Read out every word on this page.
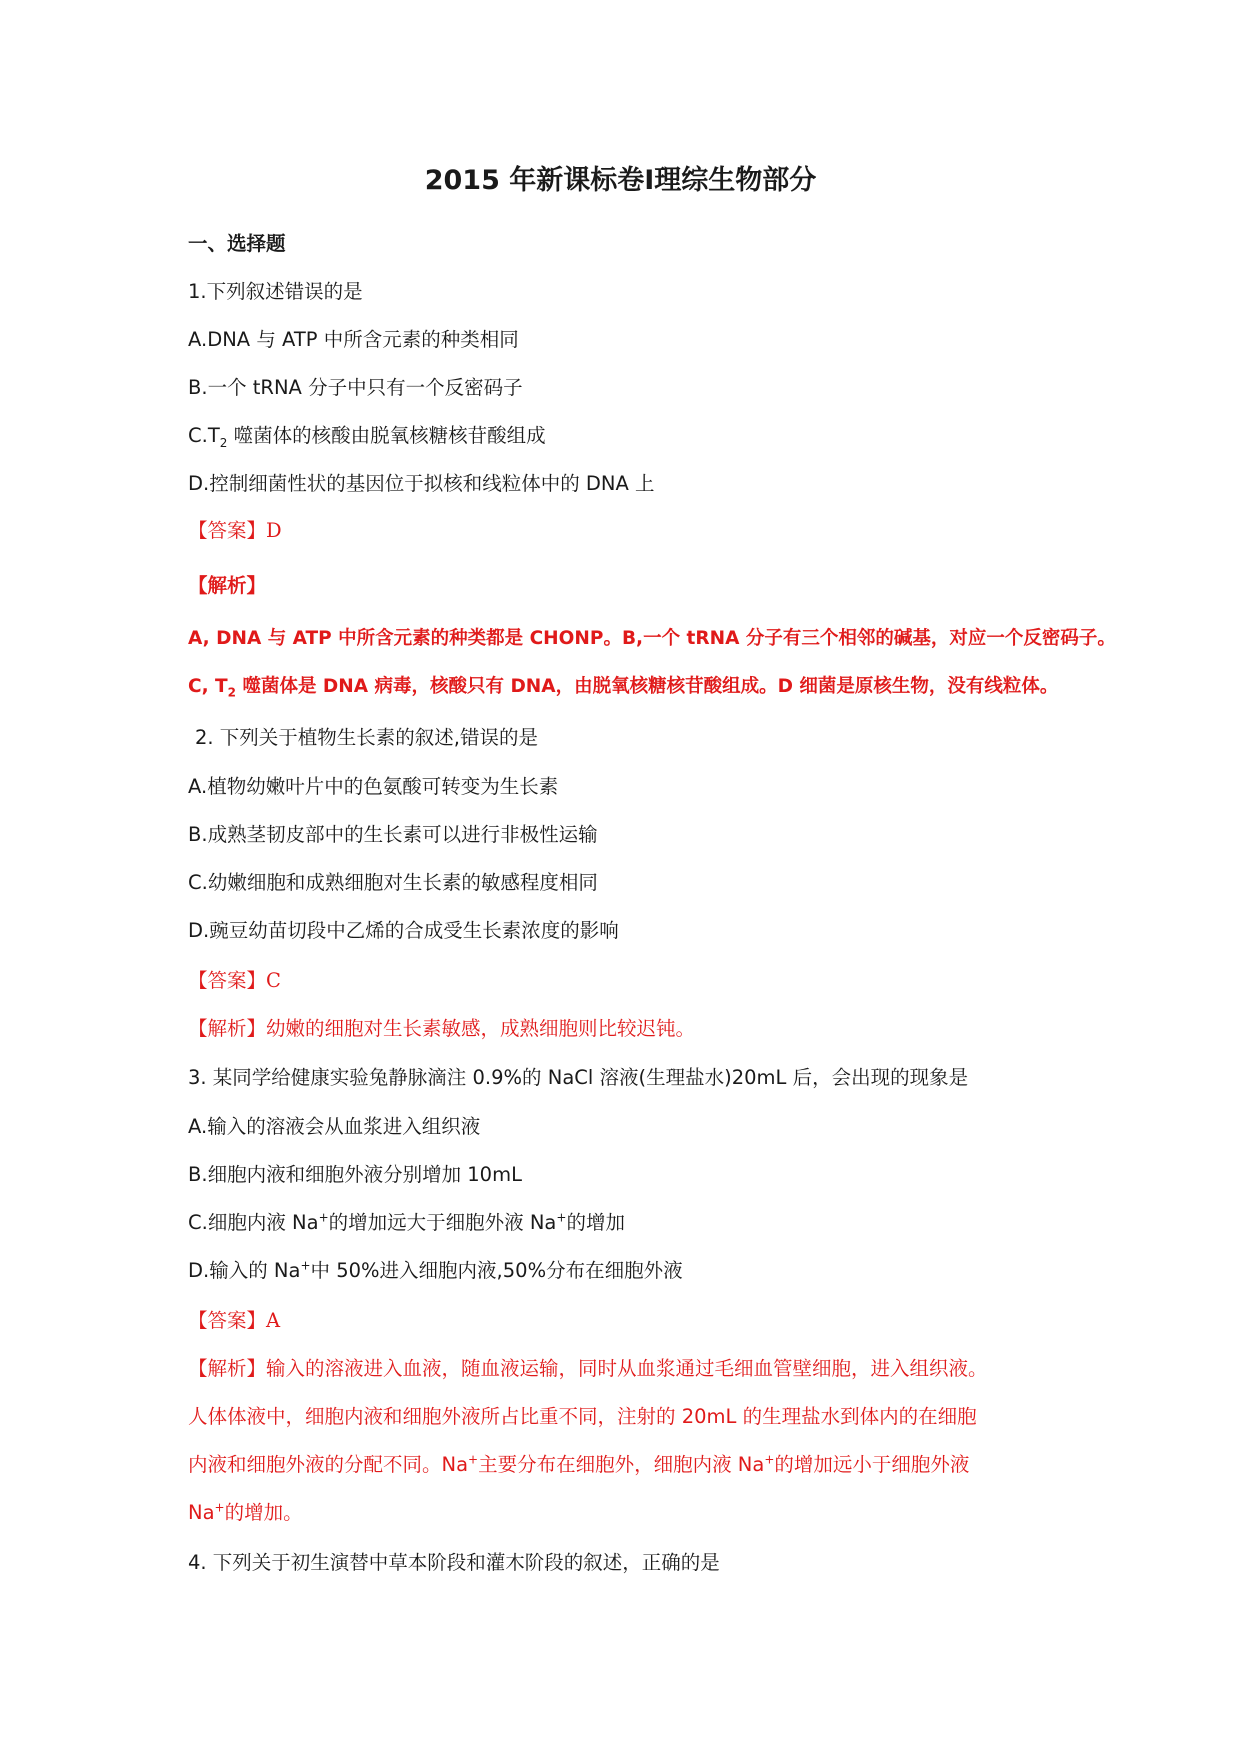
2015 年新课标卷Ⅰ理综生物部分
一、选择题
1.下列叙述错误的是
A.DNA 与 ATP 中所含元素的种类相同
B.一个 tRNA 分子中只有一个反密码子
$C.T_2$ 噬菌体的核酸由脱氧核糖核苷酸组成
D.控制细菌性状的基因位于拟核和线粒体中的 DNA 上
【答案】D
【解析】
A, DNA 与 ATP 中所含元素的种类都是 CHONP。B,一个 tRNA 分子有三个相邻的碱基，对应一个反密码子。
C, $T_2$ 噬菌体是 DNA 病毒，核酸只有 DNA，由脱氧核糖核苷酸组成。D 细菌是原核生物，没有线粒体。
2. 下列关于植物生长素的叙述,错误的是
A.植物幼嫩叶片中的色氨酸可转变为生长素
B.成熟茎韧皮部中的生长素可以进行非极性运输
C.幼嫩细胞和成熟细胞对生长素的敏感程度相同
D.豌豆幼苗切段中乙烯的合成受生长素浓度的影响
【答案】C
【解析】幼嫩的细胞对生长素敏感，成熟细胞则比较迟钝。
3. 某同学给健康实验兔静脉滴注 0.9%的 NaCl 溶液(生理盐水)20mL 后，会出现的现象是
A.输入的溶液会从血浆进入组织液
B.细胞内液和细胞外液分别增加 10mL
C.细胞内液 Na+的增加远大于细胞外液 Na+的增加
D.输入的 Na+中 50%进入细胞内液,50%分布在细胞外液
【答案】A
【解析】输入的溶液进入血液，随血液运输，同时从血浆通过毛细血管壁细胞，进入组织液。
人体体液中，细胞内液和细胞外液所占比重不同，注射的 20mL 的生理盐水到体内的在细胞
内液和细胞外液的分配不同。Na+主要分布在细胞外，细胞内液 Na+的增加远小于细胞外液
Na+的增加。
4. 下列关于初生演替中草本阶段和灌木阶段的叙述，正确的是
